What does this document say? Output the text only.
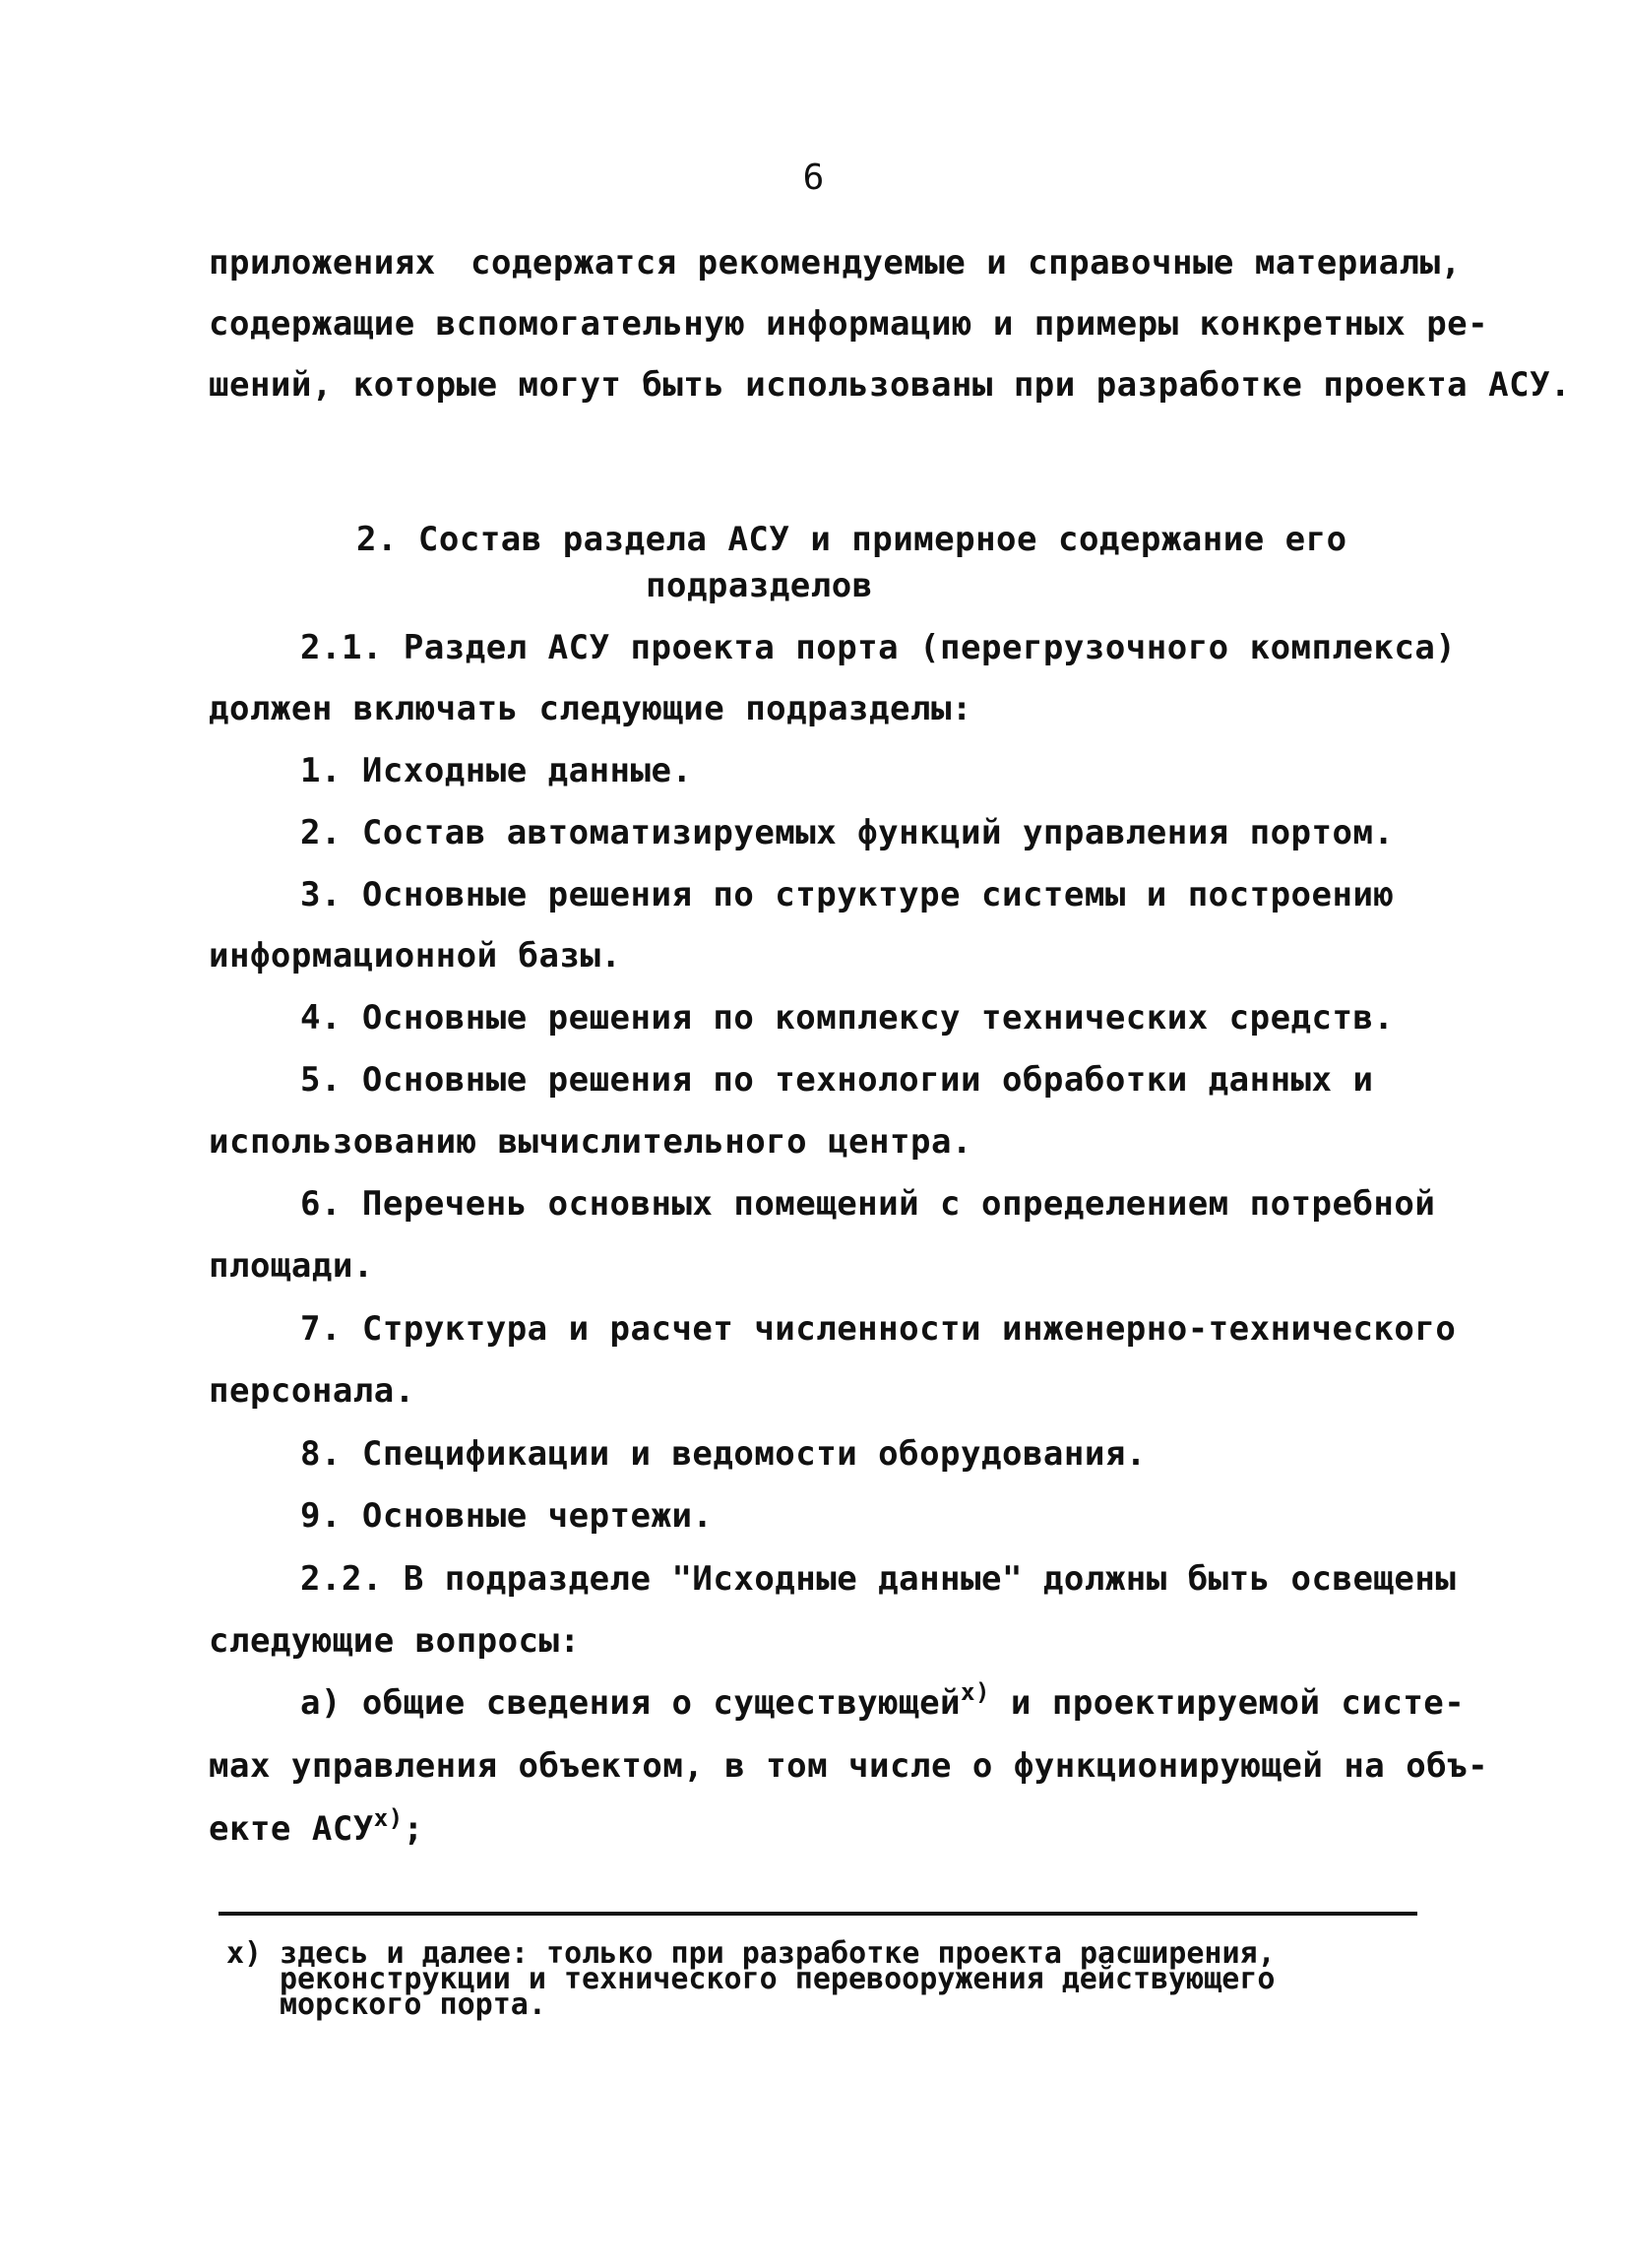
6
приложениях содержатся рекомендуемые и справочные материалы,
содержащие вспомогательную информацию и примеры конкретных ре-
шений, которые могут быть использованы при разработке проекта АСУ.
2. Состав раздела АСУ и примерное содержание его
подразделов
2.1. Раздел АСУ проекта порта (перегрузочного комплекса)
должен включать следующие подразделы:
1. Исходные данные.
2. Состав автоматизируемых функций управления портом.
3. Основные решения по структуре системы и построению
информационной базы.
4. Основные решения по комплексу технических средств.
5. Основные решения по технологии обработки данных и
использованию вычислительного центра.
6. Перечень основных помещений с определением потребной
площади.
7. Структура и расчет численности инженерно-технического
персонала.
8. Спецификации и ведомости оборудования.
9. Основные чертежи.
2.2. В подразделе "Исходные данные" должны быть освещены
следующие вопросы:
а) общие сведения о существующей$^{x)}$ и проектируемой систе-
мах управления объектом, в том числе о функционирующей на объ-
екте АСУ$^{x)}$;
x) здесь и далее: только при разработке проекта расширения,
реконструкции и технического перевооружения действующего
морского порта.
